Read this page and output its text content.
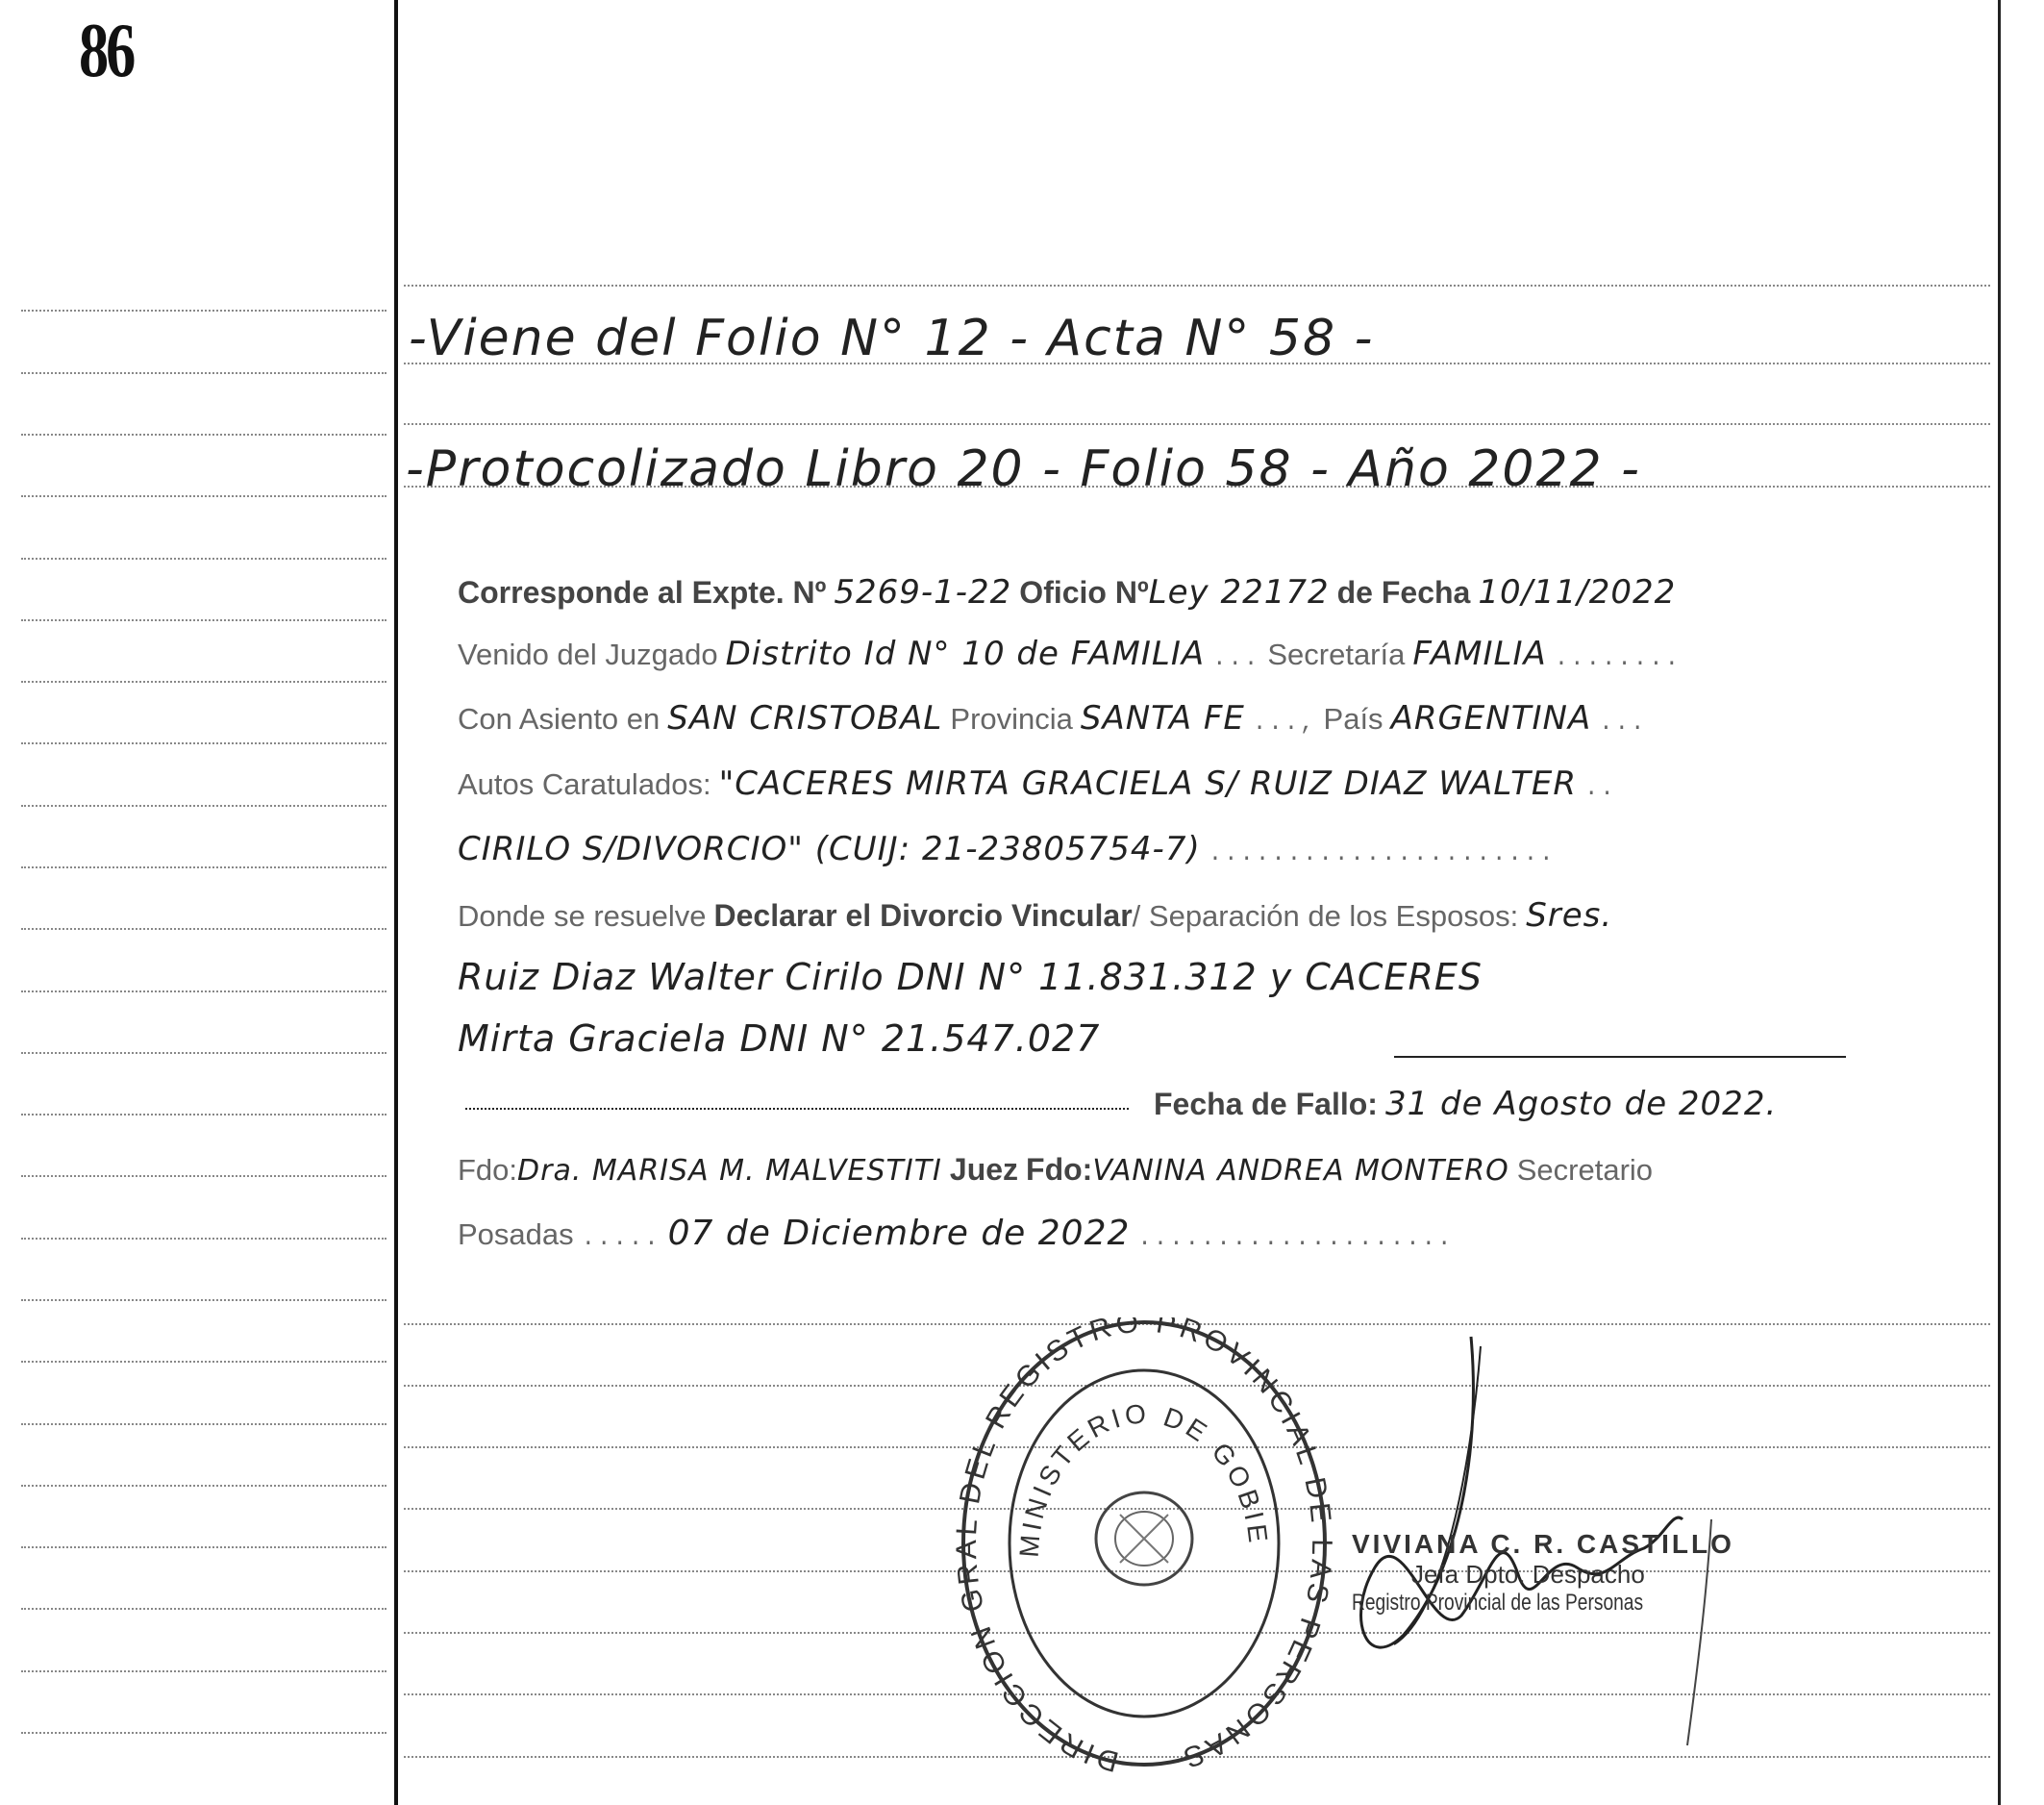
86
-Viene del Folio N° 12 - Acta N° 58 -
-Protocolizado Libro 20 - Folio 58 - Año 2022 -
Corresponde al Expte. Nº 5269-1-22 Oficio NºLey 22172 de Fecha 10/11/2022
Venido del Juzgado Distrito Id N° 10 de FAMILIA ... Secretaría FAMILIA ........
Con Asiento en SAN CRISTOBAL Provincia SANTA FE ..., País ARGENTINA ...
Autos Caratulados: "CACERES MIRTA GRACIELA S/ RUIZ DIAZ WALTER ..
CIRILO S/DIVORCIO" (CUIJ: 21-23805754-7) ......................
Donde se resuelve Declarar el Divorcio Vincular/ Separación de los Esposos: Sres.
Ruiz Diaz Walter Cirilo DNI N° 11.831.312 y CACERES
Mirta Graciela DNI N° 21.547.027
Fecha de Fallo: 31 de Agosto de 2022.
Fdo:Dra. MARISA M. MALVESTITI Juez Fdo:VANINA ANDREA MONTERO Secretario
Posadas ..... 07 de Diciembre de 2022 ....................
DIRECCION GRAL DEL REGISTRO PROVINCIAL DE LAS PERSONAS
MINISTERIO DE GOBIE	VIVIANA C. R. CASTILLO
Jefa Dpto. Despacho
Registro Provincial de las Personas
